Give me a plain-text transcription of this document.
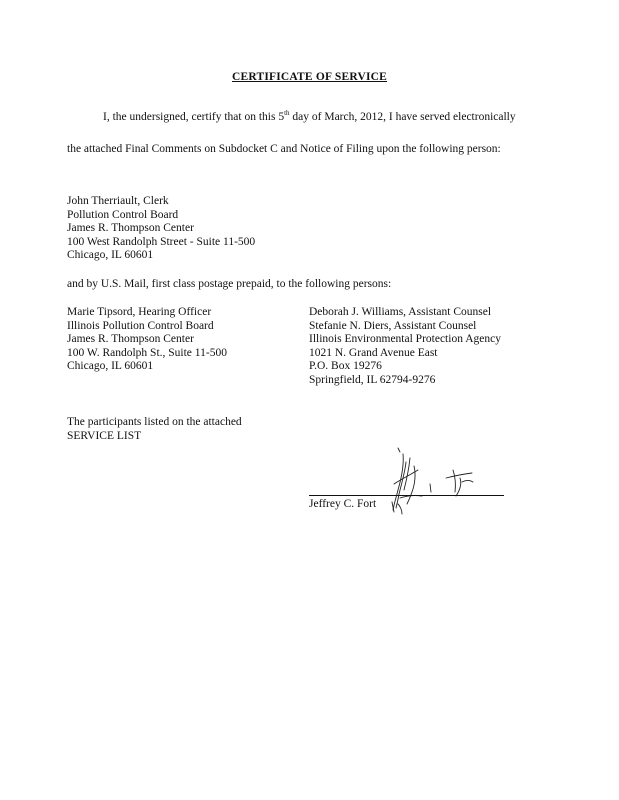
CERTIFICATE OF SERVICE
I, the undersigned, certify that on this 5th day of March, 2012, I have served electronically
the attached Final Comments on Subdocket C and Notice of Filing upon the following person:
John Therriault, Clerk
Pollution Control Board
James R. Thompson Center
100 West Randolph Street - Suite 11-500
Chicago, IL 60601
and by U.S. Mail, first class postage prepaid, to the following persons:
Marie Tipsord, Hearing Officer
Illinois Pollution Control Board
James R. Thompson Center
100 W. Randolph St., Suite 11-500
Chicago, IL 60601
Deborah J. Williams, Assistant Counsel
Stefanie N. Diers, Assistant Counsel
Illinois Environmental Protection Agency
1021 N. Grand Avenue East
P.O. Box 19276
Springfield, IL 62794-9276
The participants listed on the attached
SERVICE LIST
Jeffrey C. Fort
